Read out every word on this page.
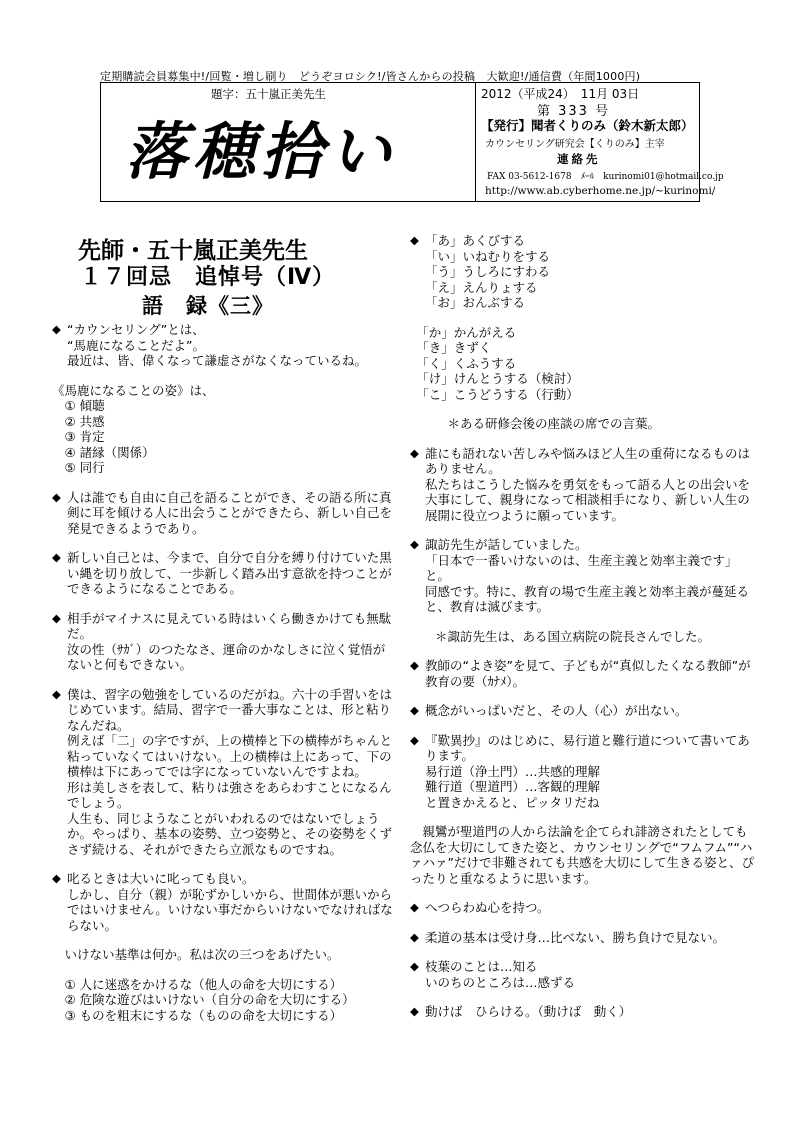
定期購読会員募集中!/回覧・増し刷り　どうぞヨロシク!/皆さんからの投稿　大歓迎!/通信費（年間1000円)
題字：五十嵐正美先生
落穂拾い
2012（平成24）　11月 03日
第 333 号
【発行】聞者くりのみ（鈴木新太郎）
カウンセリング研究会【くりのみ】主宰
連絡先
FAX 03-5612-1678　ﾒｰﾙ　kurinomi01@hotmail.co.jp
http://www.ab.cyberhome.ne.jp/~kurinomi/
先師・五十嵐正美先生
１７回忌　追悼号（Ⅳ）
語　録《三》
◆ “カウンセリング”とは、
“馬鹿になることだよ”。
最近は、皆、偉くなって謙虚さがなくなっているね。
《馬鹿になることの姿》は、
　① 傾聴
　② 共感
　③ 肯定
　④ 諸縁（関係）
　⑤ 同行
◆ 人は誰でも自由に自己を語ることができ、その語る所に真剣に耳を傾ける人に出会うことができたら、新しい自己を発見できるようであり。
◆ 新しい自己とは、今まで、自分で自分を縛り付けていた黒い縄を切り放して、一歩新しく踏み出す意欲を持つことができるようになることである。
◆ 相手がマイナスに見えている時はいくら働きかけても無駄だ。
汝の性（ｻｶﾞ）のつたなさ、運命のかなしさに泣く覚悟がないと何もできない。
◆ 僕は、習字の勉強をしているのだがね。六十の手習いをはじめています。結局、習字で一番大事なことは、形と粘りなんだね。
例えば「二」の字ですが、上の横棒と下の横棒がちゃんと粘っていなくてはいけない。上の横棒は上にあって、下の横棒は下にあってでは字になっていないんですよね。
形は美しさを表して、粘りは強さをあらわすことになるんでしょう。
人生も、同じようなことがいわれるのではないでしょうか。やっぱり、基本の姿勢、立つ姿勢と、その姿勢をくずさず続ける、それができたら立派なものですね。
◆ 叱るときは大いに叱っても良い。
しかし、自分（親）が恥ずかしいから、世間体が悪いからではいけません。いけない事だからいけないでなければならない。
　いけない基準は何か。私は次の三つをあげたい。
　① 人に迷惑をかけるな（他人の命を大切にする）
　② 危険な遊びはいけない（自分の命を大切にする）
　③ ものを粗末にするな（ものの命を大切にする）
◆ 「あ」あくびする
「い」いねむりをする
「う」うしろにすわる
「え」えんりょする
「お」おんぶする
　「か」かんがえる
　「き」きずく
　「く」くふうする
　「け」けんとうする（検討）
　「こ」こうどうする（行動）
　　　＊ある研修会後の座談の席での言葉。
◆ 誰にも語れない苦しみや悩みほど人生の重荷になるものはありません。
私たちはこうした悩みを勇気をもって語る人との出会いを大事にして、親身になって相談相手になり、新しい人生の展開に役立つように願っています。
◆ 諏訪先生が話していました。
「日本で一番いけないのは、生産主義と効率主義です」と。
同感です。特に、教育の場で生産主義と効率主義が蔓延ると、教育は滅びます。
　　＊諏訪先生は、ある国立病院の院長さんでした。
◆ 教師の“よき姿”を見て、子どもが“真似したくなる教師”が教育の要（ｶﾅﾒ）。
◆ 概念がいっぱいだと、その人（心）が出ない。
◆ 『歎異抄』のはじめに、易行道と難行道について書いてあります。
易行道（浄土門）…共感的理解
難行道（聖道門）…客観的理解
と置きかえると、ピッタリだね
　親鸞が聖道門の人から法論を企てられ誹謗されたとしても念仏を大切にしてきた姿と、カウンセリングで“フムフム”“ハァハァ”だけで非難されても共感を大切にして生きる姿と、ぴったりと重なるように思います。
◆ へつらわぬ心を持つ。
◆ 柔道の基本は受け身…比べない、勝ち負けで見ない。
◆ 枝葉のことは…知る
いのちのところは…感ずる
◆ 動けば　ひらける。（動けば　動く）
